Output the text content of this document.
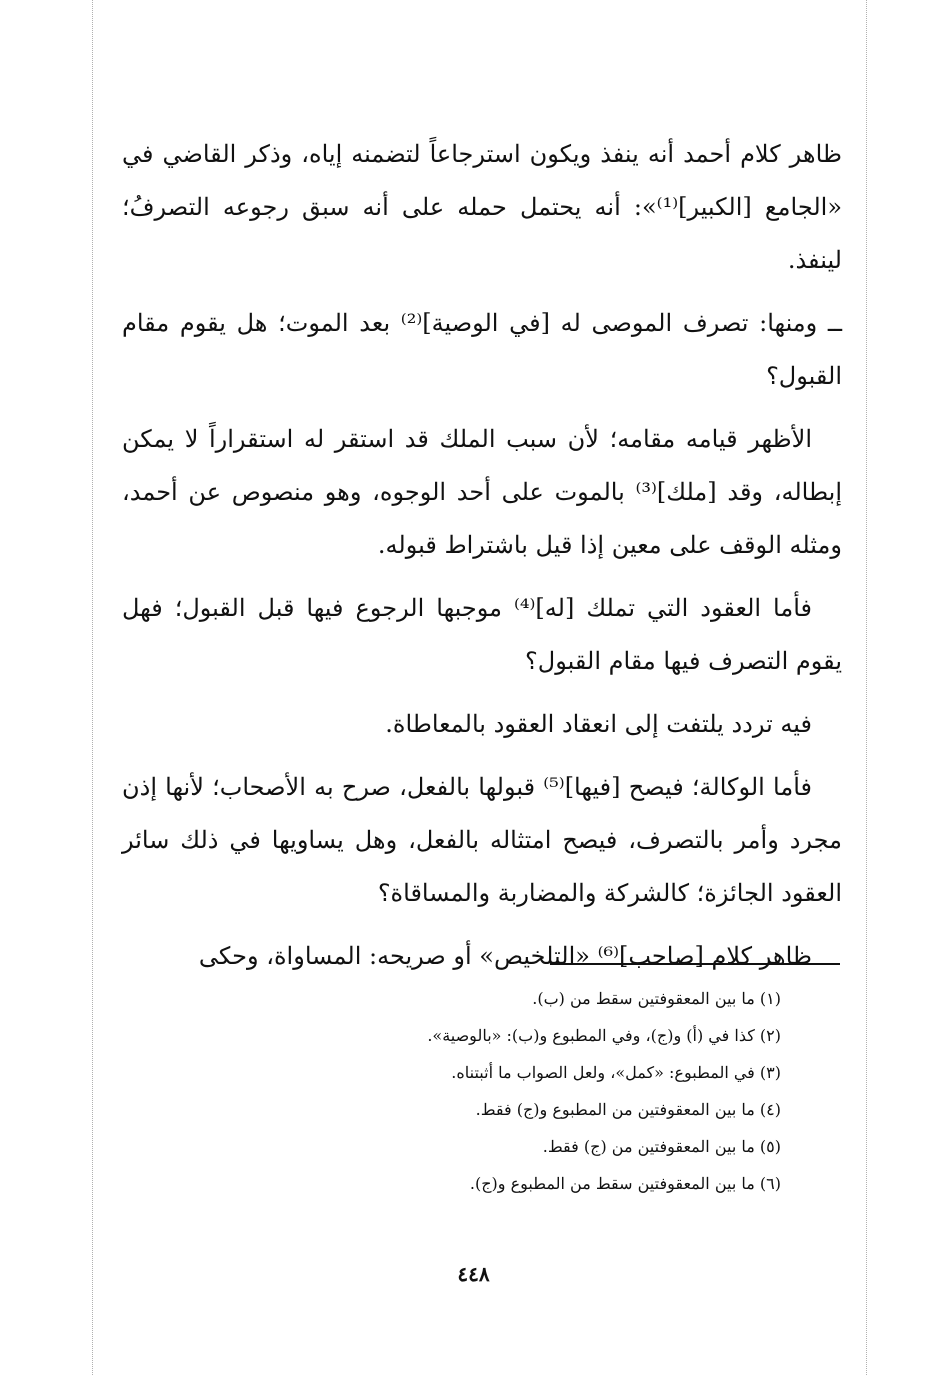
ظاهر كلام أحمد أنه ينفذ ويكون استرجاعاً لتضمنه إياه، وذكر القاضي في «الجامع [الكبير]⁽¹⁾»: أنه يحتمل حمله على أنه سبق رجوعه التصرفُ؛ لينفذ.

ــ ومنها: تصرف الموصى له [في الوصية]⁽²⁾ بعد الموت؛ هل يقوم مقام القبول؟

الأظهر قيامه مقامه؛ لأن سبب الملك قد استقر له استقراراً لا يمكن إبطاله، وقد [ملك]⁽³⁾ بالموت على أحد الوجوه، وهو منصوص عن أحمد، ومثله الوقف على معين إذا قيل باشتراط قبوله.

فأما العقود التي تملك [له]⁽⁴⁾ موجبها الرجوع فيها قبل القبول؛ فهل يقوم التصرف فيها مقام القبول؟

فيه تردد يلتفت إلى انعقاد العقود بالمعاطاة.

فأما الوكالة؛ فيصح [فيها]⁽⁵⁾ قبولها بالفعل، صرح به الأصحاب؛ لأنها إذن مجرد وأمر بالتصرف، فيصح امتثاله بالفعل، وهل يساويها في ذلك سائر العقود الجائزة؛ كالشركة والمضاربة والمساقاة؟

ظاهر كلام [صاحب]⁽⁶⁾ «التلخيص» أو صريحه: المساواة، وحكى

(١) ما بين المعقوفتين سقط من (ب).

(٢) كذا في (أ) و(ج)، وفي المطبوع و(ب): «بالوصية».

(٣) في المطبوع: «كمل»، ولعل الصواب ما أثبتناه.

(٤) ما بين المعقوفتين من المطبوع و(ج) فقط.

(٥) ما بين المعقوفتين من (ج) فقط.

(٦) ما بين المعقوفتين سقط من المطبوع و(ج).

٤٤٨
